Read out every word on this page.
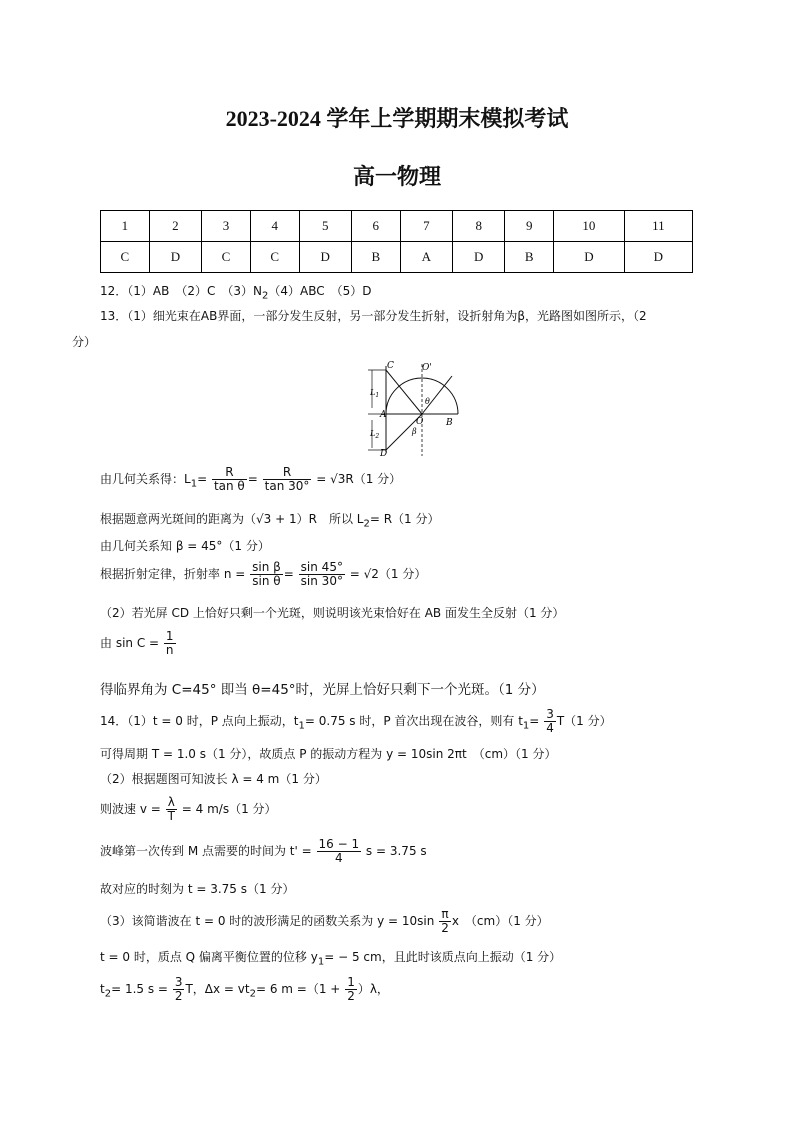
2023-2024 学年上学期期末模拟考试
高一物理
1	2	3	4	5	6	7	8	9	10	11
C	D	C	C	D	B	A	D	B	D	D
12．（1）AB　（2）C　$(3)N_2(4)ABC$　（5）D
13．（1）细光束在AB界面，一部分发生反射，另一部分发生折射，设折射角为β，光路图如图所示，（2
分）
C	O'
$L_1$
A
O	B
$L_2$
D
θ
β
由几何关系得：$L_1= \frac{R}{\text{tan θ}} = \frac{R}{\tan 30^\circ} = √3R(1$ 分）
根据题意两光斑间的距离为（√3 + 1）R　所以 $L_2= R(1$ 分）
由几何关系知 β = 45°（1 分）
根据折射定律，折射率 $n = \frac{\text{sin β}}{\text{sin θ}} = \frac{\sin 45^\circ}{\sin 30^\circ} = √2(1$ 分）
（2）若光屏 CD 上恰好只剩一个光斑，则说明该光束恰好在 AB 面发生全反射（1 分）
由 $\sin C = \frac{1}{n}$
得临界角为 C=45° 即当 θ=45°时，光屏上恰好只剩下一个光斑。（1 分）
14．（1）t = 0 时，P 点向上振动，$t_1= 0.75$ s 时，P 首次出现在波谷，则有 $t_1= \frac{3}{4} T(1$ 分）
可得周期 T = 1.0 s（1 分），故质点 P 的振动方程为 y = 10sin 2πt　（cm）（1 分）
（2）根据题图可知波长 λ = 4 m（1 分）
则波速 $v = \frac{\lambda}{T} = 4$ m/s（1 分）
波峰第一次传到 M 点需要的时间为 $t' = \frac{16 - 1}{4}$ s = 3.75 s
故对应的时刻为 t = 3.75 s（1 分）
（3）该简谐波在 t = 0 时的波形满足的函数关系为 $y = 10\sin \frac{\pi}{2}$ x　（cm）（1 分）
t = 0 时，质点 Q 偏离平衡位置的位移 $y_1= - 5$ cm，且此时该质点向上振动（1 分）
$t_2= 1.5$ $s = \frac{3}{2}$ T，$\Delta x = vt_2= 6$ $m =(1 + \frac{1}{2} )\lambda$，
